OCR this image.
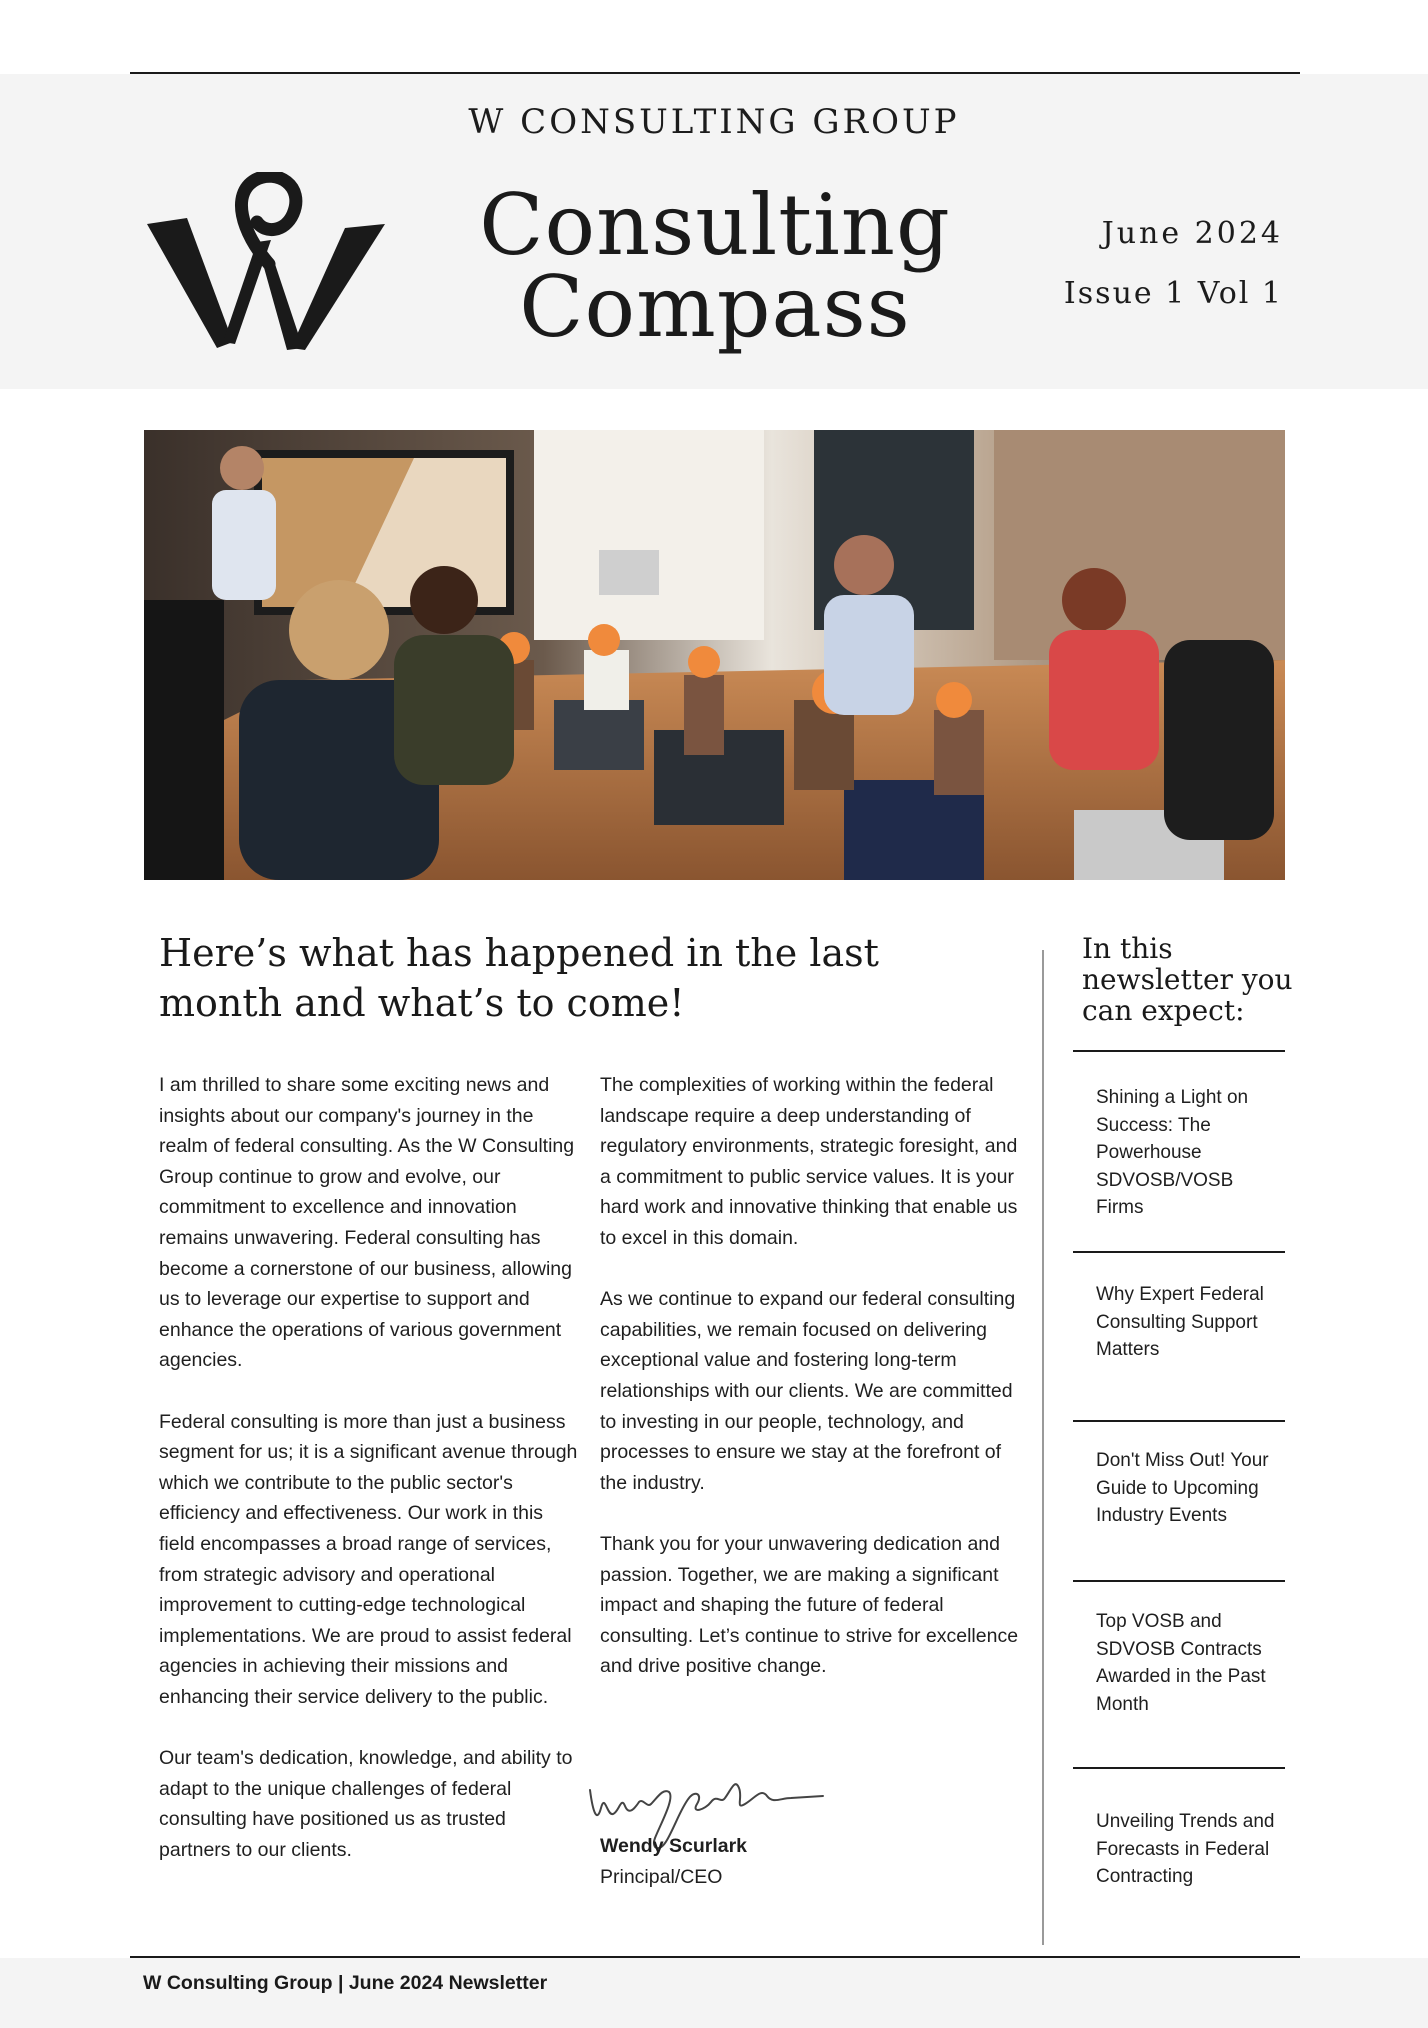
W CONSULTING GROUP
Consulting
Compass
June 2024
Issue 1 Vol 1
Here’s what has happened in the last month and what’s to come!

I am thrilled to share some exciting news and insights about our company's journey in the realm of federal consulting. As the W Consulting Group continue to grow and evolve, our commitment to excellence and innovation remains unwavering. Federal consulting has become a cornerstone of our business, allowing us to leverage our expertise to support and enhance the operations of various government agencies.

Federal consulting is more than just a business segment for us; it is a significant avenue through which we contribute to the public sector's efficiency and effectiveness. Our work in this field encompasses a broad range of services, from strategic advisory and operational improvement to cutting-edge technological implementations. We are proud to assist federal agencies in achieving their missions and enhancing their service delivery to the public.

Our team's dedication, knowledge, and ability to adapt to the unique challenges of federal consulting have positioned us as trusted partners to our clients.

The complexities of working within the federal landscape require a deep understanding of regulatory environments, strategic foresight, and a commitment to public service values. It is your hard work and innovative thinking that enable us to excel in this domain.

As we continue to expand our federal consulting capabilities, we remain focused on delivering exceptional value and fostering long-term relationships with our clients. We are committed to investing in our people, technology, and processes to ensure we stay at the forefront of the industry.

Thank you for your unwavering dedication and passion. Together, we are making a significant impact and shaping the future of federal consulting. Let’s continue to strive for excellence and drive positive change.

Wendy Scurlark
Principal/CEO
In this newsletter you can expect:
Shining a Light on Success: The Powerhouse SDVOSB/VOSB Firms
Why Expert Federal Consulting Support Matters
Don't Miss Out! Your Guide to Upcoming Industry Events
Top VOSB and SDVOSB Contracts Awarded in the Past Month
Unveiling Trends and Forecasts in Federal Contracting
W Consulting Group | June 2024 Newsletter
